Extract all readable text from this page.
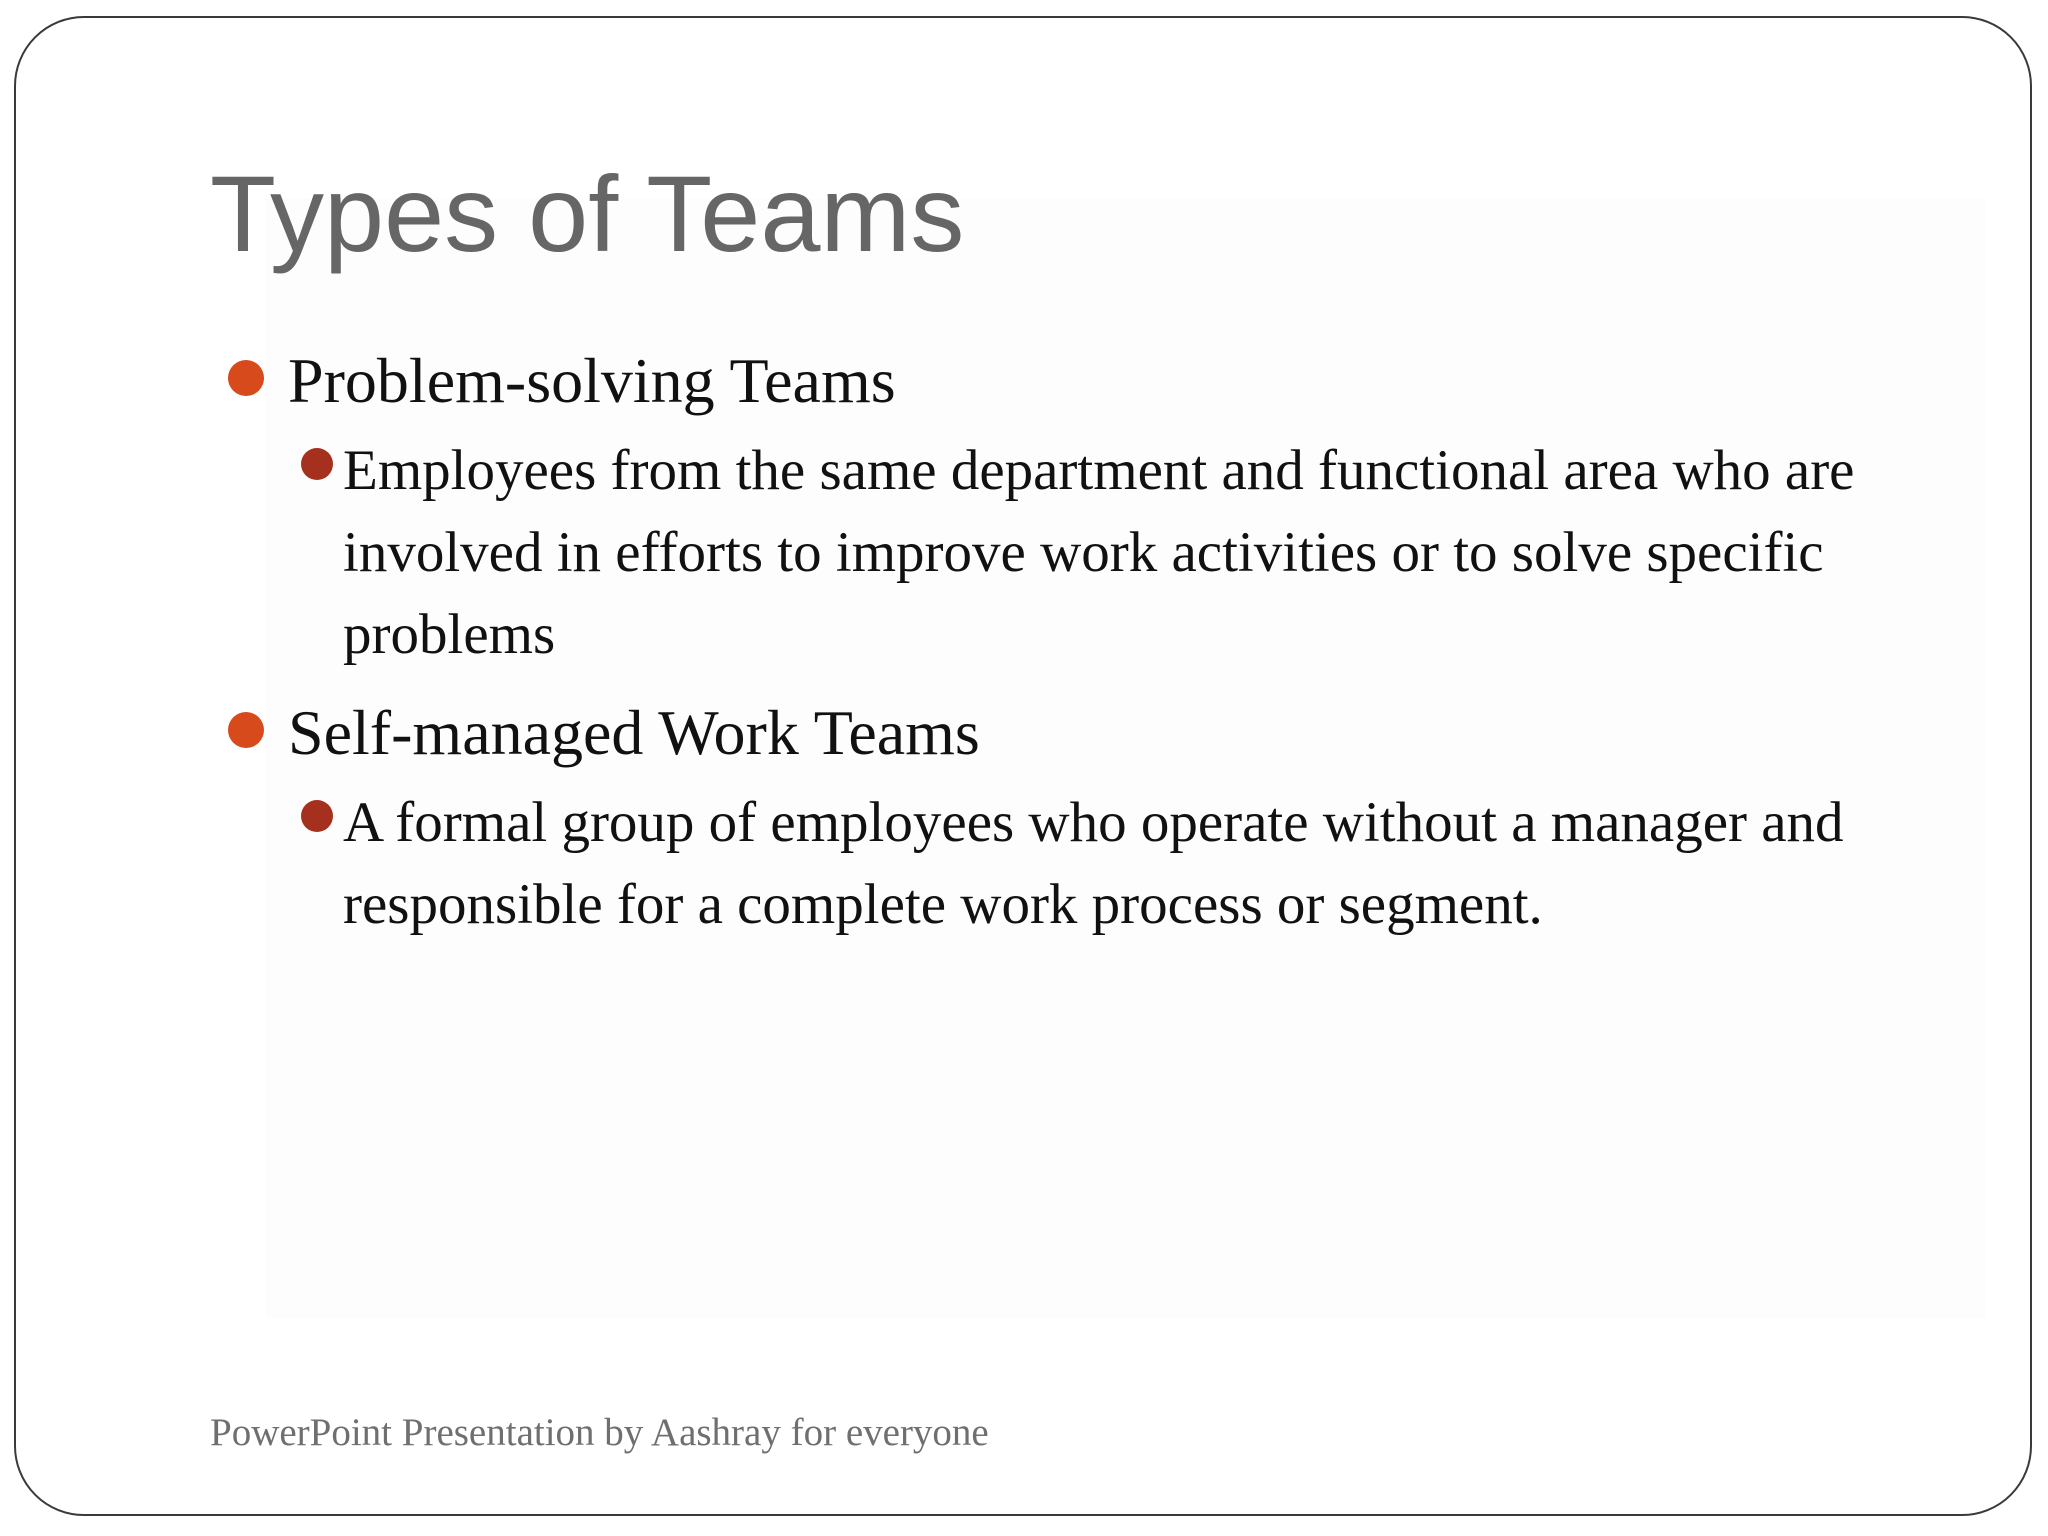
Types of Teams
Problem-solving Teams
Employees from the same department and functional area who are involved in efforts to improve work activities or to solve specific problems
Self-managed Work Teams
A formal group of employees who operate without a manager and responsible for a complete work process or segment.
PowerPoint Presentation by Aashray for everyone
